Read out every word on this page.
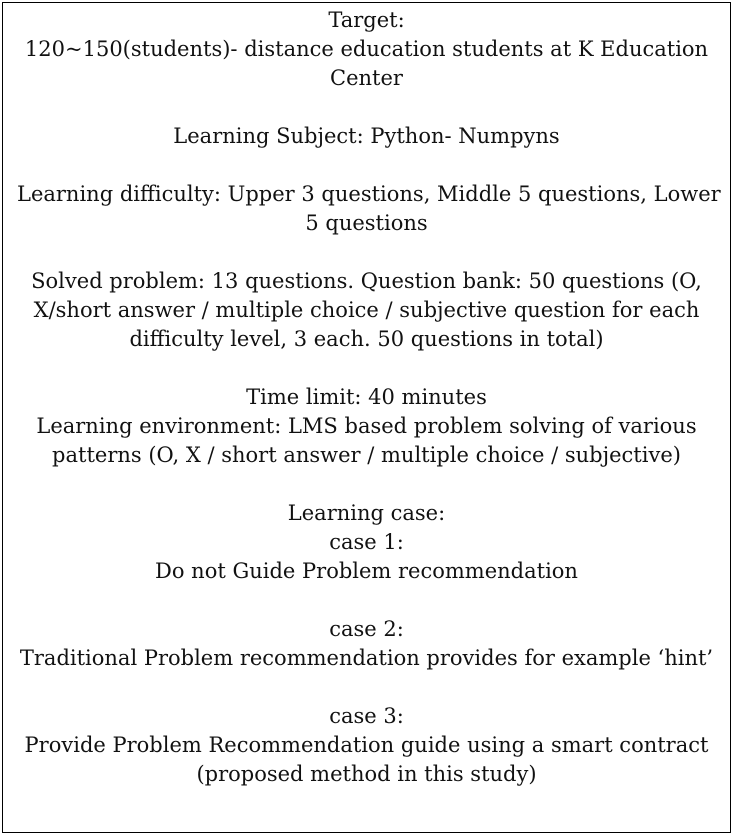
Target:
120~150(students)- distance education students at K Education
Center
Learning Subject: Python- Numpyns
Learning difficulty: Upper 3 questions, Middle 5 questions, Lower
5 questions
Solved problem: 13 questions. Question bank: 50 questions (O,
X/short answer / multiple choice / subjective question for each
difficulty level, 3 each. 50 questions in total)
Time limit: 40 minutes
Learning environment: LMS based problem solving of various
patterns (O, X / short answer / multiple choice / subjective)
Learning case:
case 1:
Do not Guide Problem recommendation
case 2:
Traditional Problem recommendation provides for example ‘hint’
case 3:
Provide Problem Recommendation guide using a smart contract
(proposed method in this study)
